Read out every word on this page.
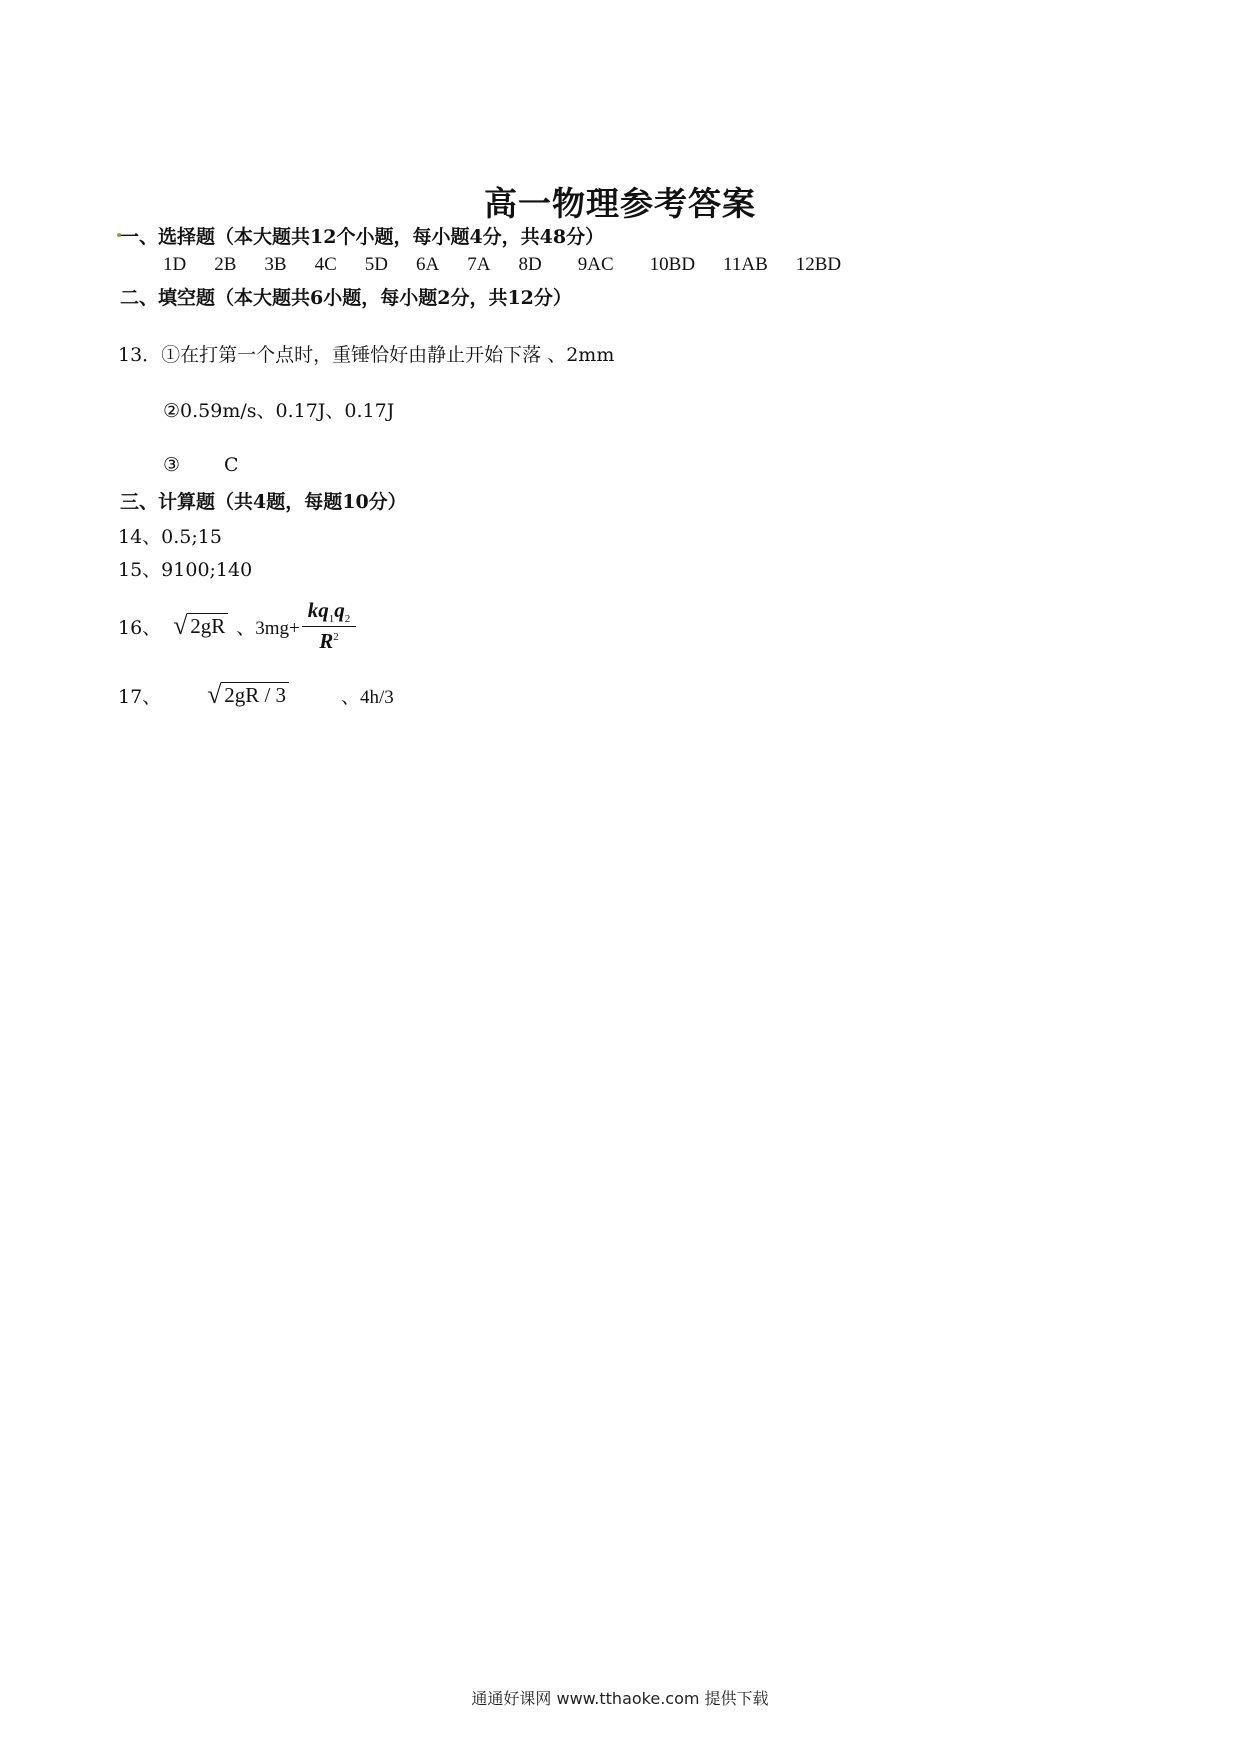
高一物理参考答案
一、选择题（本大题共12个小题，每小题4分，共48分）
1D 2B 3B 4C 5D 6A 7A 8D 9AC 10BD 11AB 12BD
二、填空题（本大题共6小题，每小题2分，共12分）
13．①在打第一个点时，重锤恰好由静止开始下落 、2mm
②0.59m/s、0.17J、0.17J
③ C
三、计算题（共4题，每题10分）
14、0.5;15
15、9100;140
16、 √ 2gR 、$3mg+ \frac{kq_1q_2}{R^2}$
17、 √ 2gR / 3	、4h/3
通通好课网 www.tthaoke.com 提供下载
